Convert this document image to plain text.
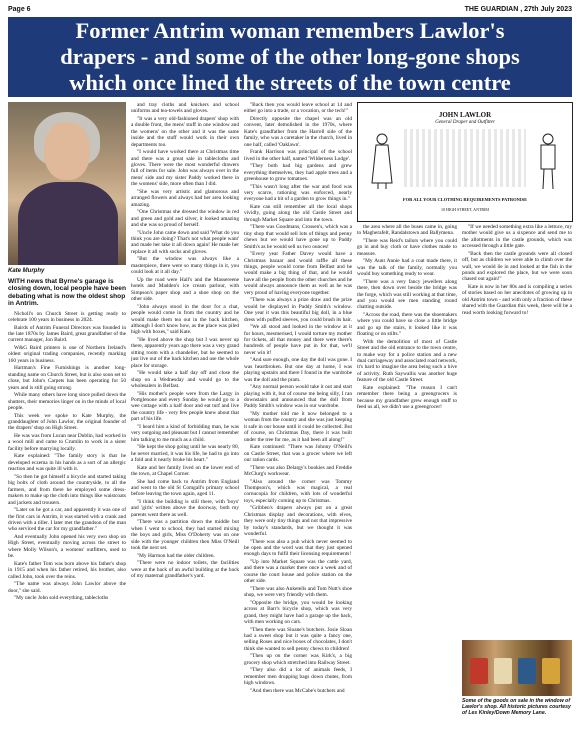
Page 6	THE GUARDIAN , 27th July 2023
Former Antrim woman remembers Lawlor's
drapers - and some of the other long-gone shops
which once lined the streets of the town centre
Kate Murphy

WITH news that Byrne's garage is closing down, local people have been debating what is now the oldest shop in Antrim.

Nicholl's on Church Street is getting ready to celebrate 100 years in business in 2024.

Bairds of Antrim Funeral Directors was founded in the late 1870s by James Baird, great grandfather of the current manager, Jon Baird.

W&G Baird printers is one of Northern Ireland's oldest original trading companies, recently marking 160 years in business.

Hartman's Fine Furnishings is another long-standing name on Church Street, but is also soon set to close, but John's Carpets has been operating for 50 years and is still going strong.

While many others have long since pulled down the shutters, their memories linger on in the minds of local people.

This week we spoke to Kate Murphy, the granddaughter of John Lawlor, the original founder of the drapers' shop on High Street.

He was was from Lucan near Dublin, had worked in a wool mill and came to Crumlin to work in a sister facility before marrying locally.

Kate explained: "The family story is that he developed eczema in his hands as a sort of an allergic reaction and was quite ill with it.

"So then he got himself a bicycle and started taking big bolts of cloth around the countryside, to all the farmers, and from there he employed some dress-makers to make up the cloth into things like waistcoats and jackets and trousers.

"Later on he got a car, and apparently it was one of the first cars in Antrim, it was started with a crank and driven with a tiller. I later met the grandson of the man who serviced the car for my grandfather."

And eventually John opened his very own shop on High Street, eventually moving across the street to where Molly Wilson's, a womens' outfitters, used to be.

Kate's father Tom was born above his father's shop in 1915 and when his father retired, his brother, also called John, took over the reins.

"The name was always John Lawlor above the door," she said.

"My uncle John sold everything, tablecloths

and tray cloths and knickers and school uniforms and tea-towels and gloves.

"It was a very old-fashioned drapers' shop with a double front, the mens' stuff in one window and the womens' on the other and it was the same inside and the stuff would work in their own departments too.

"I would have worked there at Christmas time and there was a great sale in tablecloths and gloves. There were the most wonderful drawers full of items for sale. John was always over in the mens' side and my sister Paddy worked there in the womens' side, more often than I did.

"She was very artistic and glamorous and arranged flowers and always had her area looking amazing.

"One Christmas she dressed the window in red and green and gold and silver, it looked amazing and she was so proud of herself.

"Uncle John came down and said 'What do you think you are doing? That's not what people want' and made her take it all down again! He made her replace it all with socks and gloves.

"But the window was always like a masterpiece, there were so many things in it, you could look at it all day."

Up the road were Hall's and the Massereene hotels and Madden's ice cream parlour, with Simpson's paper shop and a shoe shop on the other side.

"John always stood in the door for a chat, people would come in from the country and he would make them tea out in the back kitchen, although I don't know how, as the place was piled high with boxes," said Kate.

"He lived above the shop but I was never up there, apparently years ago there was a very grand sitting room with a chandelier, but he seemed to just live out of the back kitchen and use the whole place for storage.

"He would take a half day off and close the shop on a Wednesday and would go to the wholesalers in Belfast.

"His mother's people were from the Largy in Portglenone and every Sunday he would go to a wee cottage with a half door and eat turf and live the country life - very few people knew about that part of his life.

"I heard him a kind of forbidding man, he was very outgoing and pleasant but I cannot remember him talking to me much as a child.

"He kept the shop going until he was nearly 80, he never married, it was his life, he had to go into a fold and it nearly broke his heart."

Kate and her family lived on the lower end of the town, at Chapel Corner.

She had come back to Antrim from England and went to the old St Comgall's primary school before leaving the town again, aged 11.

"I think the building is still there, with 'boys' and 'girls' written above the doorway, both my parents went there as well.

"There was a partition down the middle but when I went to school, they had started mixing the boys and girls, Miss O'Doherty was on one side with the younger children then Miss O'Neill took the next set.

"My Harmon had the older children.

"There were no indoor toilets, the facilities were at the back of an awful building at the back of my maternal grandfather's yard.

"Back then you would leave school at 14 and either go into a trade, or a vocation, or the tech!"

Directly opposite the chapel was an old convent, later demolished in the 1970s, where Kate's grandfather from the Harrell side of the family, who was a caretaker in the church, lived in one half, called 'Oaklawn'.

Frank Harrison was principal of the school lived in the other half, named 'Wilderness Lodge'.

"They both had big gardens and grew everything themselves, they had apple trees and a greenhouse to grow tomatoes.

"This wasn't long after the war and food was very scarce, rationing was enforced, nearly everyone had a bit of a garden to grow things in."

Kate can still remember all the local shops vividly, going along the old Castle Street and through Market Square and into the town.

"There was Goodmans, Crossen's, which was a tiny shop that would sell lots of things and penny chews but we would have gone up to Paddy Smith's as he would sell us two ounces!

"Every year Father Davey would have a Christmas bazaar and would raffle all these things, people would come from Belfast and he would make a big thing of that, and he would have all the people from the other churches and he would always announce them as well as he was very proud of having everyone together.

"There was always a prize draw and the prize would be displayed in Paddy Smith's window. One year it was this beautiful big doll, in a blue dress with puffed sleeves, you could brush its hair.

"We all stood and looked in the window at it for hours, mesmerised, I would torture my mother for tickets, all that money and there were there's hundreds of people have put in for that, we'll never win it!

"And sure enough, one day the doll was gone. I was heartbroken. But one day at home, I was playing upstairs and there I found in the wardrobe was the doll and the pram.

"Any normal person would take it out and start playing with it, but of course me being silly, I ran downstairs and announced that the doll from Paddy Smith's window was in our wardrobe.

"My mother told me it now belonged to a woman from the country and she was just keeping it safe in our house until it could be collected. But of course, on Christmas Day, there it was built under the tree for me, as it had been all along!"

Kate continued: "There was Johnny O'Neill's on Castle Street, that was a grocer where we left our ration cards.

"There was also Delargy's bookies and Freddie McClurg's workwear.

"Also around the corner was Tommy Thompson's, which was magical, a real cornucopia for children, with lots of wonderful toys, especially coming up to Christmas.

"Gribben's drapers always put on a great Christmas display and decorations, with elves, they were only tiny things and not that impressive by today's standards, but we thought it was wonderful.

"There was also a pub which never seemed to be open and the word was that they just opened enough days to fulfil their licensing requirements!

"Up into Market Square was the cattle yard, and there was a market there once a week and of course the court house and police station on the other side.

"There was also Anketells and Tom Nutt's shoe shop, we were very friendly with them.

"Opposite the bridge, you would be looking across at Barr's bicycle shop, which was very grand, they might have had a garage up the back, with men working on cars.

"Then there was Sloane's butchers. Josie Sloan had a sweet shop but it was quite a fancy one, selling Roses and nice boxes of chocolates, I don't think she wanted to sell penny chews to children!

"Then up on the corner was Kirk's, a big grocery shop which stretched into Railway Street.

"They also did a lot of animals feeds, I remember men dropping bags down chutes, from high windows.

"And then there was McCabe's butchers and

JOHN LAWLOR
General Draper and Outfitter
FOR ALL YOUR CLOTHING REQUIREMENTS PATRONISE
10 HIGH STREET, ANTRIM

the area where all the buses came in, going to Magherafelt, Randalstown and Ballymena.

"There was Reid's tailors where you could go in and buy cloth or have clothes made to measure.

"My Aunt Annie had a coat made there, it was the talk of the family, normally you would buy something ready to wear.

"There was a very fancy jewellers along there, then down over beside the bridge was the forge, which was still working at that time, and you would see men standing round chatting outside.

"Across the road, there was the shoemakers where you could have so close a little bridge and go up the stairs, it looked like it was floating or on stilts."

With the demolition of most of Castle Street and the old entrance to the town centre, to make way for a police station and a new dual carriageway and associated road network, it's hard to imagine the area being such a hive of activity. Ruth Saywallis was another huge feature of the old Castle Street.

Kate explained: "The reason I can't remember there being a greengrocers is because my grandfather grew enough stuff to feed us all, we didn't use a greengrocer!

"If we needed something extra like a lettuce, my mother would give us a sixpence and send me to the allotments in the castle grounds, which was accessed through a little gate.

"Back then the castle grounds were all closed off, but as children we were able to climb over the wall, we would lie in and looked at the fish in the ponds and explored the place, but we were soon chased out again!"

Kate is now in her 80s and is compiling a series of stories based on her anecdotes of growing up in old Antrim town - and with only a fraction of these shared with the Guardian this week, there will be a read worth looking forward to!

Some of the goods on sale in the window of Lawlor's shop. All historic pictures courtesy of Les Kinley/Down Memory Lane.
